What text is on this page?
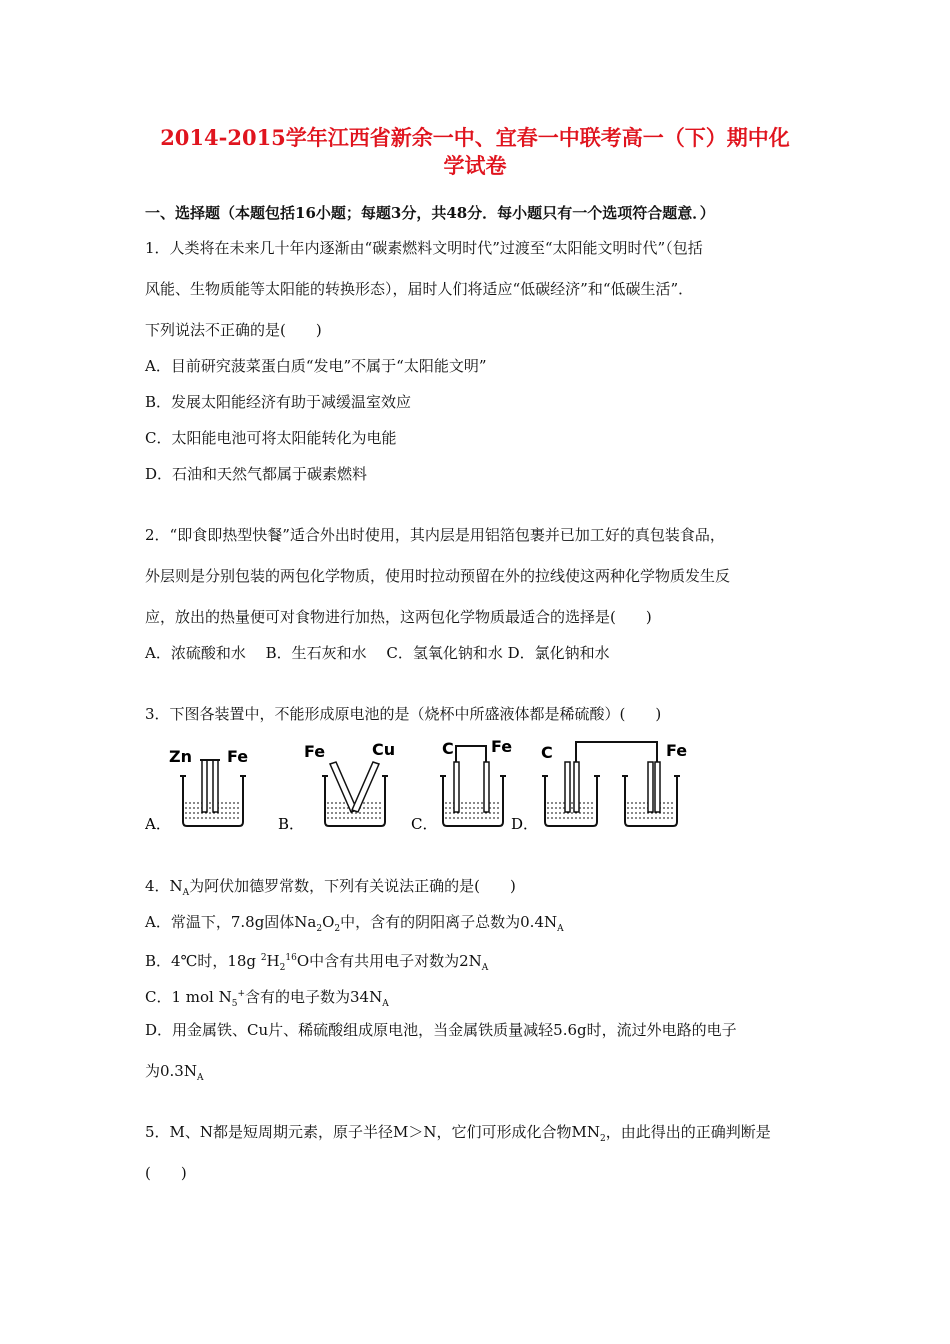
2014-2015学年江西省新余一中、宜春一中联考高一（下）期中化
学试卷
一、选择题（本题包括16小题；每题3分，共48分．每小题只有一个选项符合题意．）
1．人类将在未来几十年内逐渐由“碳素燃料文明时代”过渡至“太阳能文明时代”（包括
风能、生物质能等太阳能的转换形态），届时人们将适应“低碳经济”和“低碳生活”．
下列说法不正确的是(　　)
A．目前研究菠菜蛋白质“发电”不属于“太阳能文明”
B．发展太阳能经济有助于减缓温室效应
C．太阳能电池可将太阳能转化为电能
D．石油和天然气都属于碳素燃料
2．“即食即热型快餐”适合外出时使用，其内层是用铝箔包裹并已加工好的真包装食品，
外层则是分别包装的两包化学物质，使用时拉动预留在外的拉线使这两种化学物质发生反
应，放出的热量便可对食物进行加热，这两包化学物质最适合的选择是(　　)
A．浓硫酸和水　 B．生石灰和水　 C．氢氧化钠和水 D．氯化钠和水
3．下图各装置中，不能形成原电池的是（烧杯中所盛液体都是稀硫酸）(　　)
A．
Zn Fe
B．
Fe	Cu
C．
C Fe
D．
C	Fe
4．$N_A$为阿伏加德罗常数，下列有关说法正确的是(　　)
A．常温下，7.8g固体$Na_2O_2$中，含有的阴阳离子总数为$0.4N_A$
B．4℃时，18g $^2H_2^{16}O$中含有共用电子对数为$2N_A$
C．1 mol $N_5^+$含有的电子数为$34N_A$
D．用金属铁、Cu片、稀硫酸组成原电池，当金属铁质量减轻5.6g时，流过外电路的电子
为$0.3N_A$
5．M、N都是短周期元素，原子半径M＞N，它们可形成化合物$MN_2$，由此得出的正确判断是
(　　)
